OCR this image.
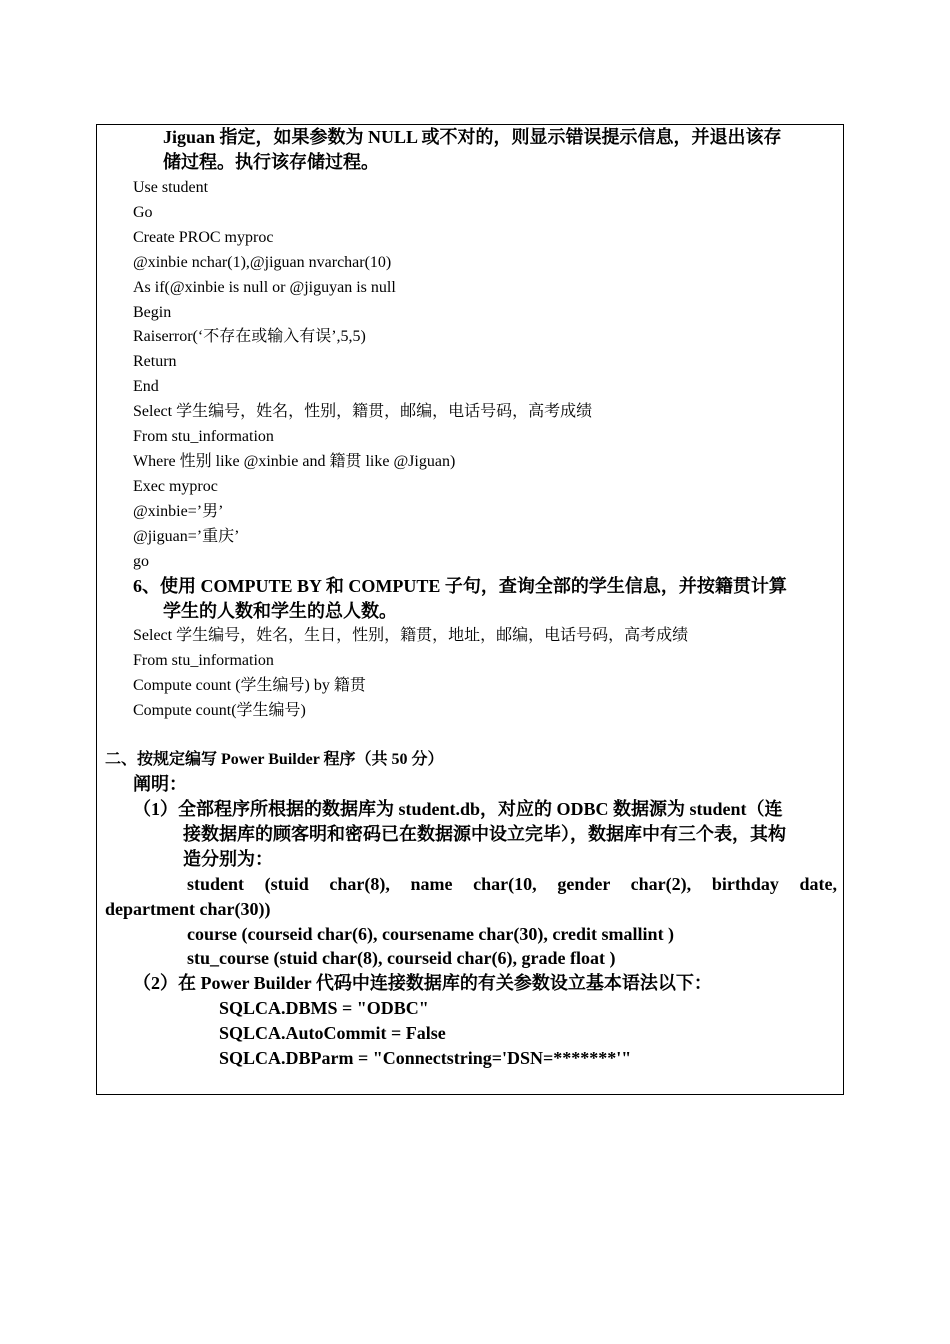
Jiguan 指定，如果参数为 NULL 或不对的，则显示错误提示信息，并退出该存
储过程。执行该存储过程。
Use student
Go
Create PROC myproc
@xinbie nchar(1),@jiguan nvarchar(10)
As if(@xinbie is null or @jiguyan is null
Begin
Raiserror(‘不存在或输入有误’,5,5)
Return
End
Select 学生编号，姓名，性别，籍贯，邮编，电话号码，高考成绩
From stu_information
Where 性别 like @xinbie and 籍贯 like @Jiguan)
Exec myproc
@xinbie=’男’
@jiguan=’重庆’
go
6、使用 COMPUTE BY 和 COMPUTE 子句，查询全部的学生信息，并按籍贯计算
学生的人数和学生的总人数。
Select 学生编号，姓名，生日，性别，籍贯，地址，邮编，电话号码，高考成绩
From stu_information
Compute count (学生编号) by 籍贯
Compute count(学生编号)
二、按规定编写 Power Builder 程序（共 50 分）
阐明：
（1）全部程序所根据的数据库为 student.db，对应的 ODBC 数据源为 student（连
接数据库的顾客明和密码已在数据源中设立完毕），数据库中有三个表，其构
造分别为：
student (stuid char(8), name char(10, gender char(2), birthday date,
department char(30))
course (courseid char(6), coursename char(30), credit smallint )
stu_course (stuid char(8), courseid char(6), grade float )
（2）在 Power Builder 代码中连接数据库的有关参数设立基本语法以下：
SQLCA.DBMS = "ODBC"
SQLCA.AutoCommit = False
SQLCA.DBParm = "Connectstring='DSN=*******'"
